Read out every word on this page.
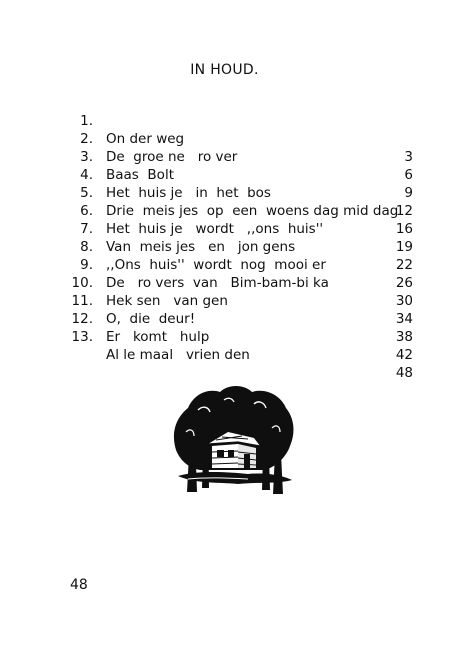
IN HOUD.

1.

On der weg

3

2.

De  groe ne   ro ver

6

3.

Baas  Bolt

9

4.

Het  huis je   in  het  bos

12

5.

Drie  meis jes  op  een  woens dag mid dag

16

6.

Het  huis je   wordt   ,,ons  huis''

19

7.

Van  meis jes   en   jon gens

22

8.

,,Ons  huis''  wordt  nog  mooi er

26

9.

De   ro vers  van   Bim-bam-bi ka

30

10.

Hek sen   van gen

34

11.

O,  die  deur!

38

12.

Er   komt   hulp

42

13.

Al le maal   vrien den

48

48
